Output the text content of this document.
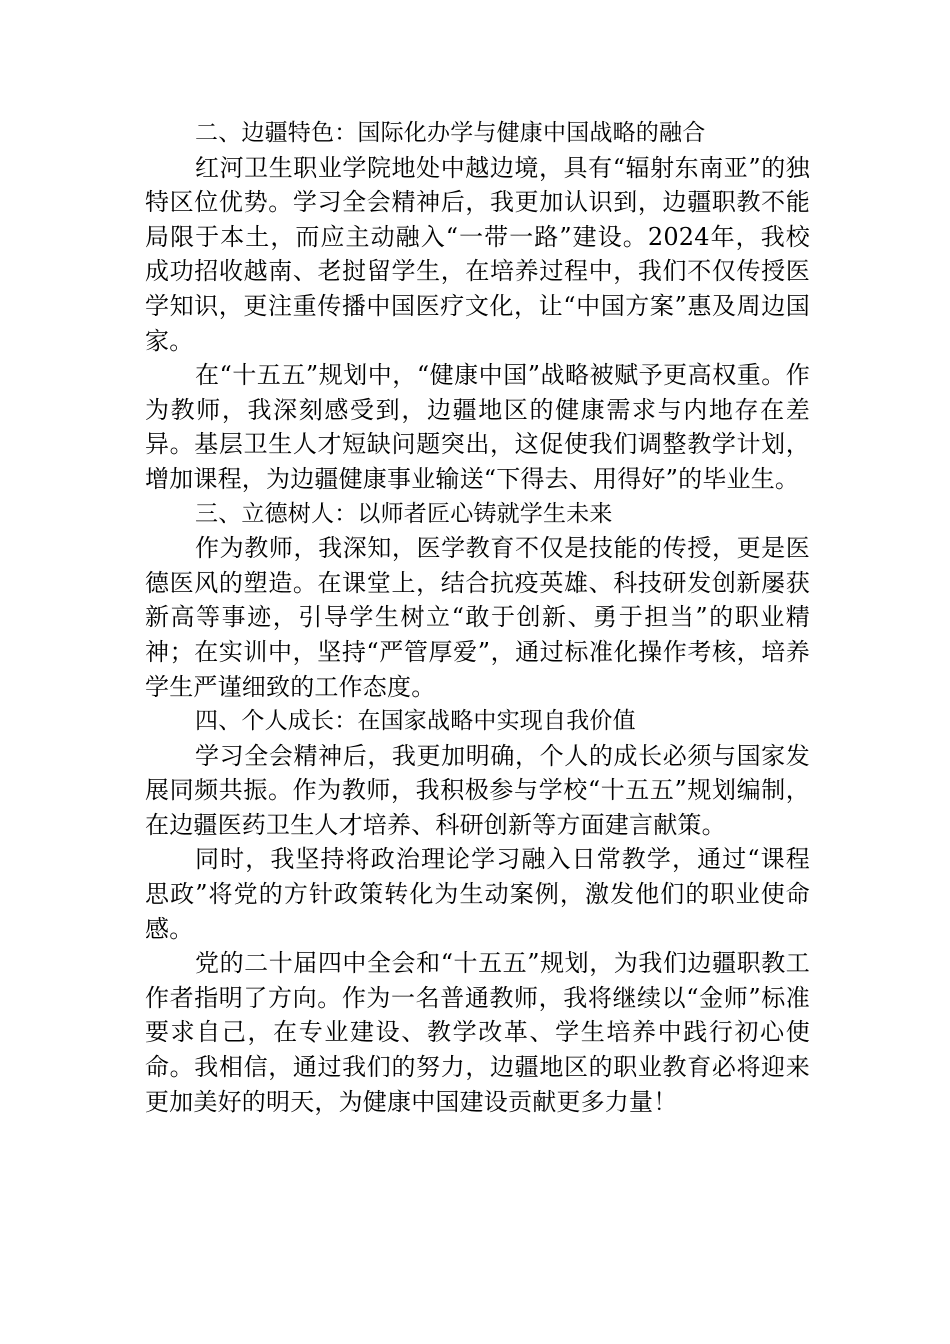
二、边疆特色：国际化办学与健康中国战略的融合

红河卫生职业学院地处中越边境，具有“辐射东南亚”的独特区位优势。学习全会精神后，我更加认识到，边疆职教不能局限于本土，而应主动融入“一带一路”建设。2024年，我校成功招收越南、老挝留学生，在培养过程中，我们不仅传授医学知识，更注重传播中国医疗文化，让“中国方案”惠及周边国家。

在“十五五”规划中，“健康中国”战略被赋予更高权重。作为教师，我深刻感受到，边疆地区的健康需求与内地存在差异。基层卫生人才短缺问题突出，这促使我们调整教学计划，增加课程，为边疆健康事业输送“下得去、用得好”的毕业生。

三、立德树人：以师者匠心铸就学生未来

作为教师，我深知，医学教育不仅是技能的传授，更是医德医风的塑造。在课堂上，结合抗疫英雄、科技研发创新屡获新高等事迹，引导学生树立“敢于创新、勇于担当”的职业精神；在实训中，坚持“严管厚爱”，通过标准化操作考核，培养学生严谨细致的工作态度。

四、个人成长：在国家战略中实现自我价值

学习全会精神后，我更加明确，个人的成长必须与国家发展同频共振。作为教师，我积极参与学校“十五五”规划编制，在边疆医药卫生人才培养、科研创新等方面建言献策。

同时，我坚持将政治理论学习融入日常教学，通过“课程思政”将党的方针政策转化为生动案例，激发他们的职业使命感。

党的二十届四中全会和“十五五”规划，为我们边疆职教工作者指明了方向。作为一名普通教师，我将继续以“金师”标准要求自己，在专业建设、教学改革、学生培养中践行初心使命。我相信，通过我们的努力，边疆地区的职业教育必将迎来更加美好的明天，为健康中国建设贡献更多力量！
